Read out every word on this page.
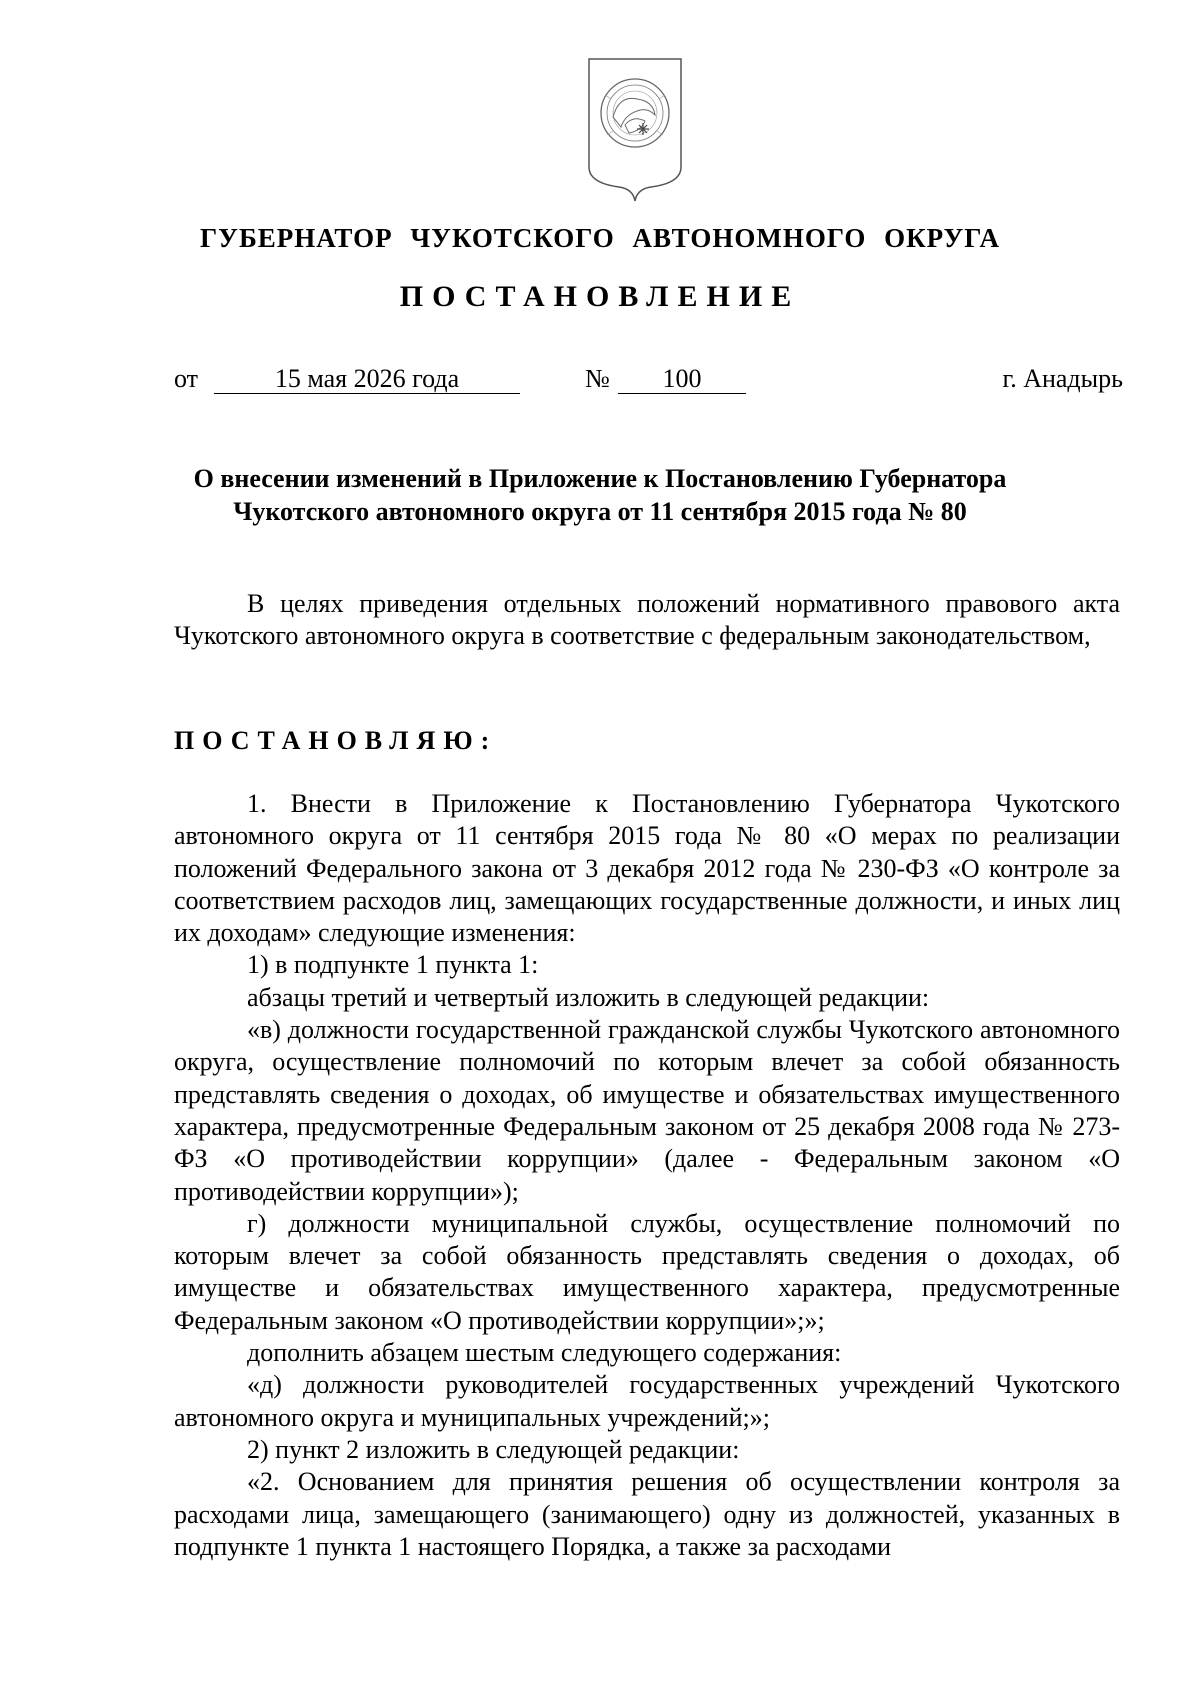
ГУБЕРНАТОР ЧУКОТСКОГО АВТОНОМНОГО ОКРУГА
ПОСТАНОВЛЕНИЕ
от	15 мая 2026 года	№	100	г. Анадырь
О внесении изменений в Приложение к Постановлению Губернатора
Чукотского автономного округа от 11 сентября 2015 года № 80

В целях приведения отдельных положений нормативного правового акта Чукотского автономного округа в соответствие с федеральным законодательством,

ПОСТАНОВЛЯЮ:

1. Внести в Приложение к Постановлению Губернатора Чукотского автономного округа от 11 сентября 2015 года № 80 «О мерах по реализации положений Федерального закона от 3 декабря 2012 года № 230-ФЗ «О контроле за соответствием расходов лиц, замещающих государственные должности, и иных лиц их доходам» следующие изменения:

1) в подпункте 1 пункта 1:

абзацы третий и четвертый изложить в следующей редакции:

«в) должности государственной гражданской службы Чукотского автономного округа, осуществление полномочий по которым влечет за собой обязанность представлять сведения о доходах, об имуществе и обязательствах имущественного характера, предусмотренные Федеральным законом от 25 декабря 2008 года № 273-ФЗ «О противодействии коррупции» (далее - Федеральным законом «О противодействии коррупции»);

г) должности муниципальной службы, осуществление полномочий по которым влечет за собой обязанность представлять сведения о доходах, об имуществе и обязательствах имущественного характера, предусмотренные Федеральным законом «О противодействии коррупции»;»;

дополнить абзацем шестым следующего содержания:

«д) должности руководителей государственных учреждений Чукотского автономного округа и муниципальных учреждений;»;

2) пункт 2 изложить в следующей редакции:

«2. Основанием для принятия решения об осуществлении контроля за расходами лица, замещающего (занимающего) одну из должностей, указанных в подпункте 1 пункта 1 настоящего Порядка, а также за расходами
